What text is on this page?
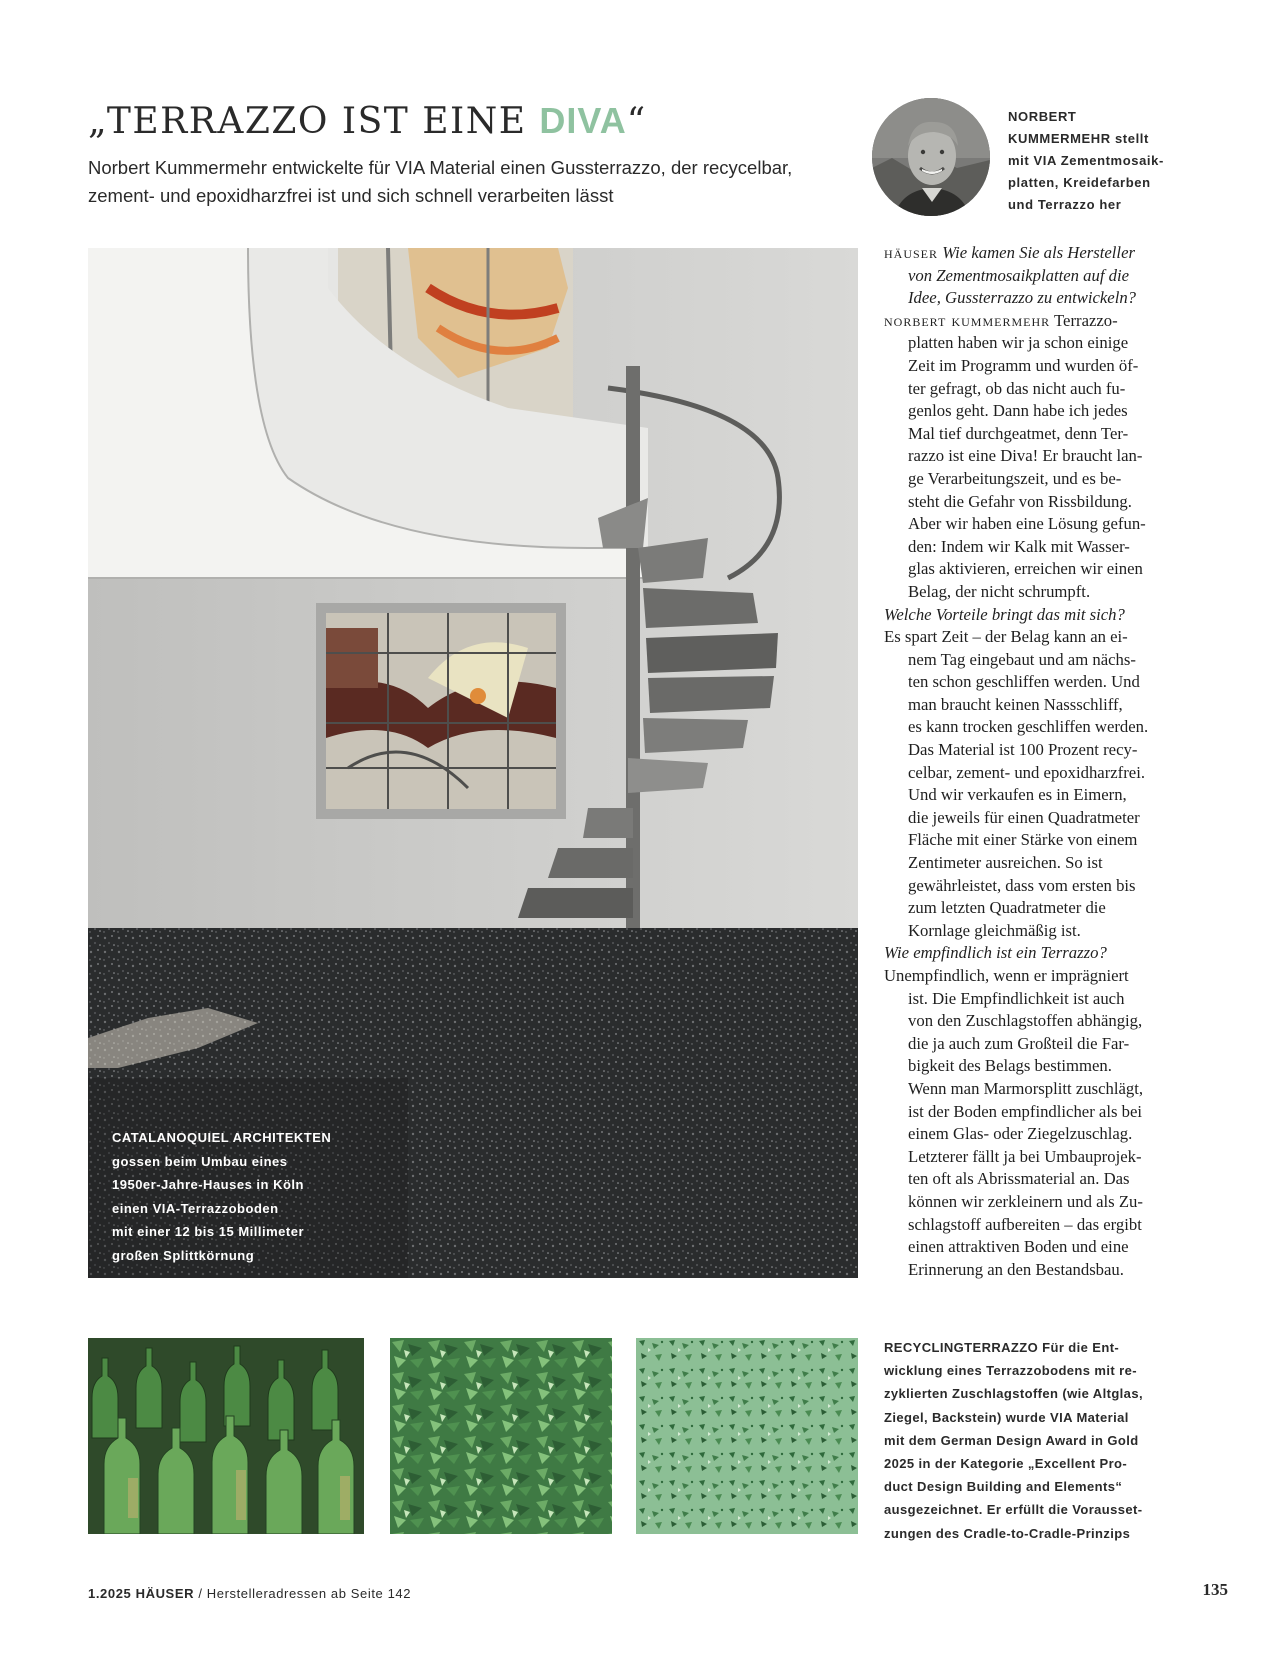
„TERRAZZO IST EINE DIVA“

Norbert Kummermehr entwickelte für VIA Material einen Gussterrazzo, der recycelbar, zement- und epoxidharzfrei ist und sich schnell verarbeiten lässt

NORBERT
KUMMERMEHR stellt
mit VIA Zementmosaik-
platten, Kreidefarben
und Terrazzo her
CATALANOQUIEL ARCHITEKTEN
gossen beim Umbau eines
1950er-Jahre-Hauses in Köln
einen VIA-Terrazzoboden
mit einer 12 bis 15 Millimeter
großen Splittkörnung

häuser Wie kamen Sie als Hersteller
von Zementmosaikplatten auf die
Idee, Gussterrazzo zu entwickeln?

norbert kummermehr Terrazzo-
platten haben wir ja schon einige
Zeit im Programm und wurden öf-
ter gefragt, ob das nicht auch fu-
genlos geht. Dann habe ich jedes
Mal tief durchgeatmet, denn Ter-
razzo ist eine Diva! Er braucht lan-
ge Verarbeitungszeit, und es be-
steht die Gefahr von Rissbildung.
Aber wir haben eine Lösung gefun-
den: Indem wir Kalk mit Wasser-
glas aktivieren, erreichen wir einen
Belag, der nicht schrumpft.

Welche Vorteile bringt das mit sich?

Es spart Zeit – der Belag kann an ei-
nem Tag eingebaut und am nächs-
ten schon geschliffen werden. Und
man braucht keinen Nassschliff,
es kann trocken geschliffen werden.
Das Material ist 100 Prozent recy-
celbar, zement- und epoxidharzfrei.
Und wir verkaufen es in Eimern,
die jeweils für einen Quadratmeter
Fläche mit einer Stärke von einem
Zentimeter ausreichen. So ist
gewährleistet, dass vom ersten bis
zum letzten Quadratmeter die
Kornlage gleichmäßig ist.

Wie empfindlich ist ein Terrazzo?

Unempfindlich, wenn er imprägniert
ist. Die Empfindlichkeit ist auch
von den Zuschlagstoffen abhängig,
die ja auch zum Großteil die Far-
bigkeit des Belags bestimmen.
Wenn man Marmorsplitt zuschlägt,
ist der Boden empfindlicher als bei
einem Glas- oder Ziegelzuschlag.
Letzterer fällt ja bei Umbauprojek-
ten oft als Abrissmaterial an. Das
können wir zerkleinern und als Zu-
schlagstoff aufbereiten – das ergibt
einen attraktiven Boden und eine
Erinnerung an den Bestandsbau.

RECYCLINGTERRAZZO Für die Ent-
wicklung eines Terrazzobodens mit re-
zyklierten Zuschlagstoffen (wie Altglas,
Ziegel, Backstein) wurde VIA Material
mit dem German Design Award in Gold
2025 in der Kategorie „Excellent Pro-
duct Design Building and Elements“
ausgezeichnet. Er erfüllt die Vorausset-
zungen des Cradle-to-Cradle-Prinzips
1.2025 HÄUSER / Herstelleradressen ab Seite 142	135
